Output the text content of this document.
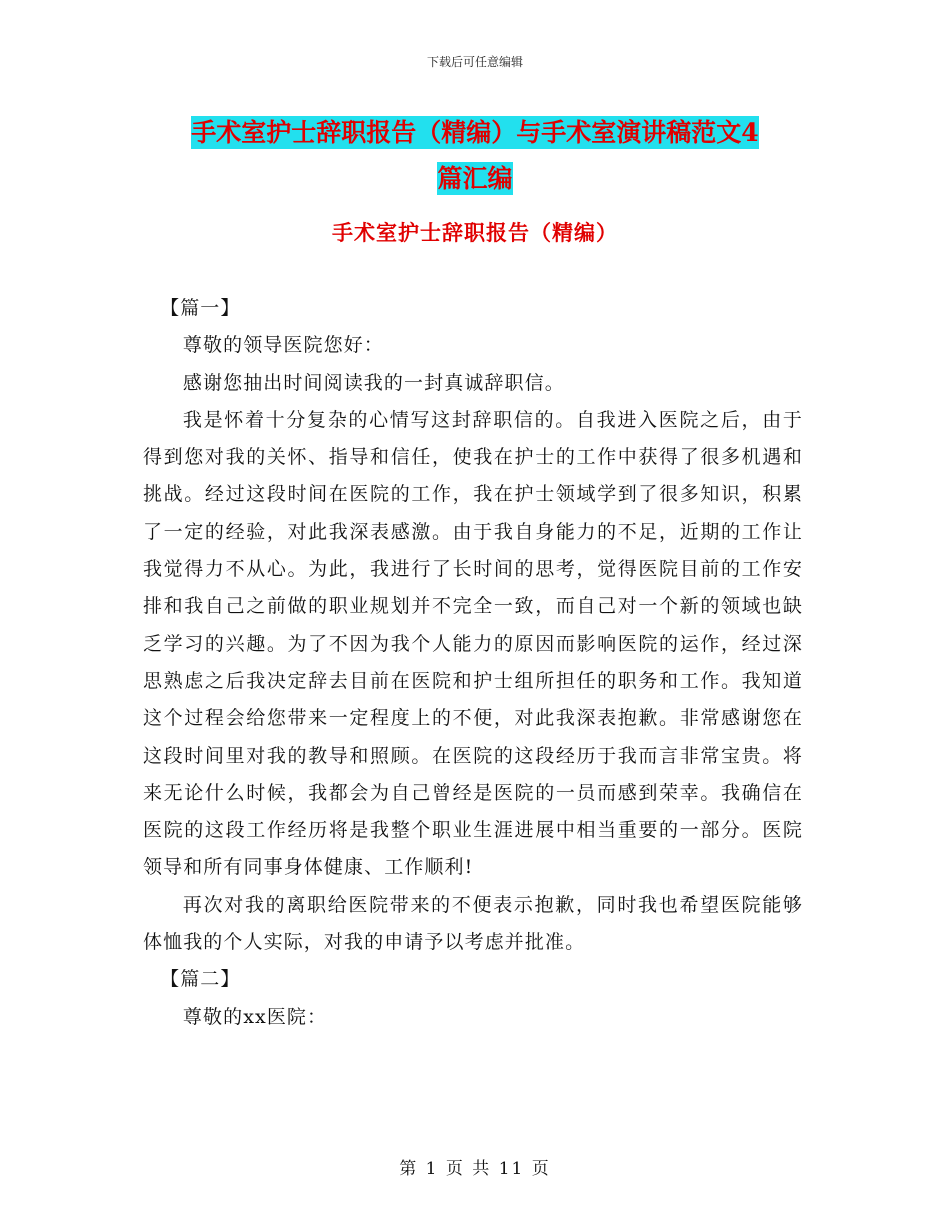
下载后可任意编辑
手术室护士辞职报告（精编）与手术室演讲稿范文4
篇汇编
手术室护士辞职报告（精编）

【篇一】

尊敬的领导医院您好：

感谢您抽出时间阅读我的一封真诚辞职信。

我是怀着十分复杂的心情写这封辞职信的。自我进入医院之后，由于得到您对我的关怀、指导和信任，使我在护士的工作中获得了很多机遇和挑战。经过这段时间在医院的工作，我在护士领域学到了很多知识，积累了一定的经验，对此我深表感激。由于我自身能力的不足，近期的工作让我觉得力不从心。为此，我进行了长时间的思考，觉得医院目前的工作安排和我自己之前做的职业规划并不完全一致，而自己对一个新的领域也缺乏学习的兴趣。为了不因为我个人能力的原因而影响医院的运作，经过深思熟虑之后我决定辞去目前在医院和护士组所担任的职务和工作。我知道这个过程会给您带来一定程度上的不便，对此我深表抱歉。非常感谢您在这段时间里对我的教导和照顾。在医院的这段经历于我而言非常宝贵。将来无论什么时候，我都会为自己曾经是医院的一员而感到荣幸。我确信在医院的这段工作经历将是我整个职业生涯进展中相当重要的一部分。医院领导和所有同事身体健康、工作顺利!

再次对我的离职给医院带来的不便表示抱歉，同时我也希望医院能够体恤我的个人实际，对我的申请予以考虑并批准。

【篇二】

尊敬的xx医院：

第 1 页 共 11 页
